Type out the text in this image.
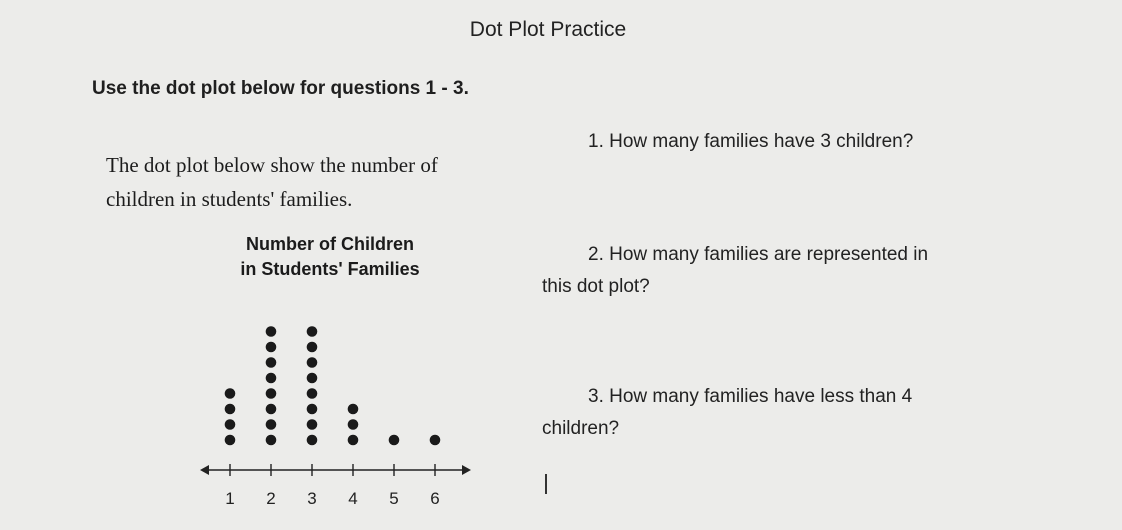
Dot Plot Practice
Use the dot plot below for questions 1 - 3.
The dot plot below show the number of
children in students' families.
1. How many families have 3 children?
2. How many families are represented in
this dot plot?
3. How many families have less than 4
children?
Number of Children
in Students' Families
1 2 3 4 5 6
